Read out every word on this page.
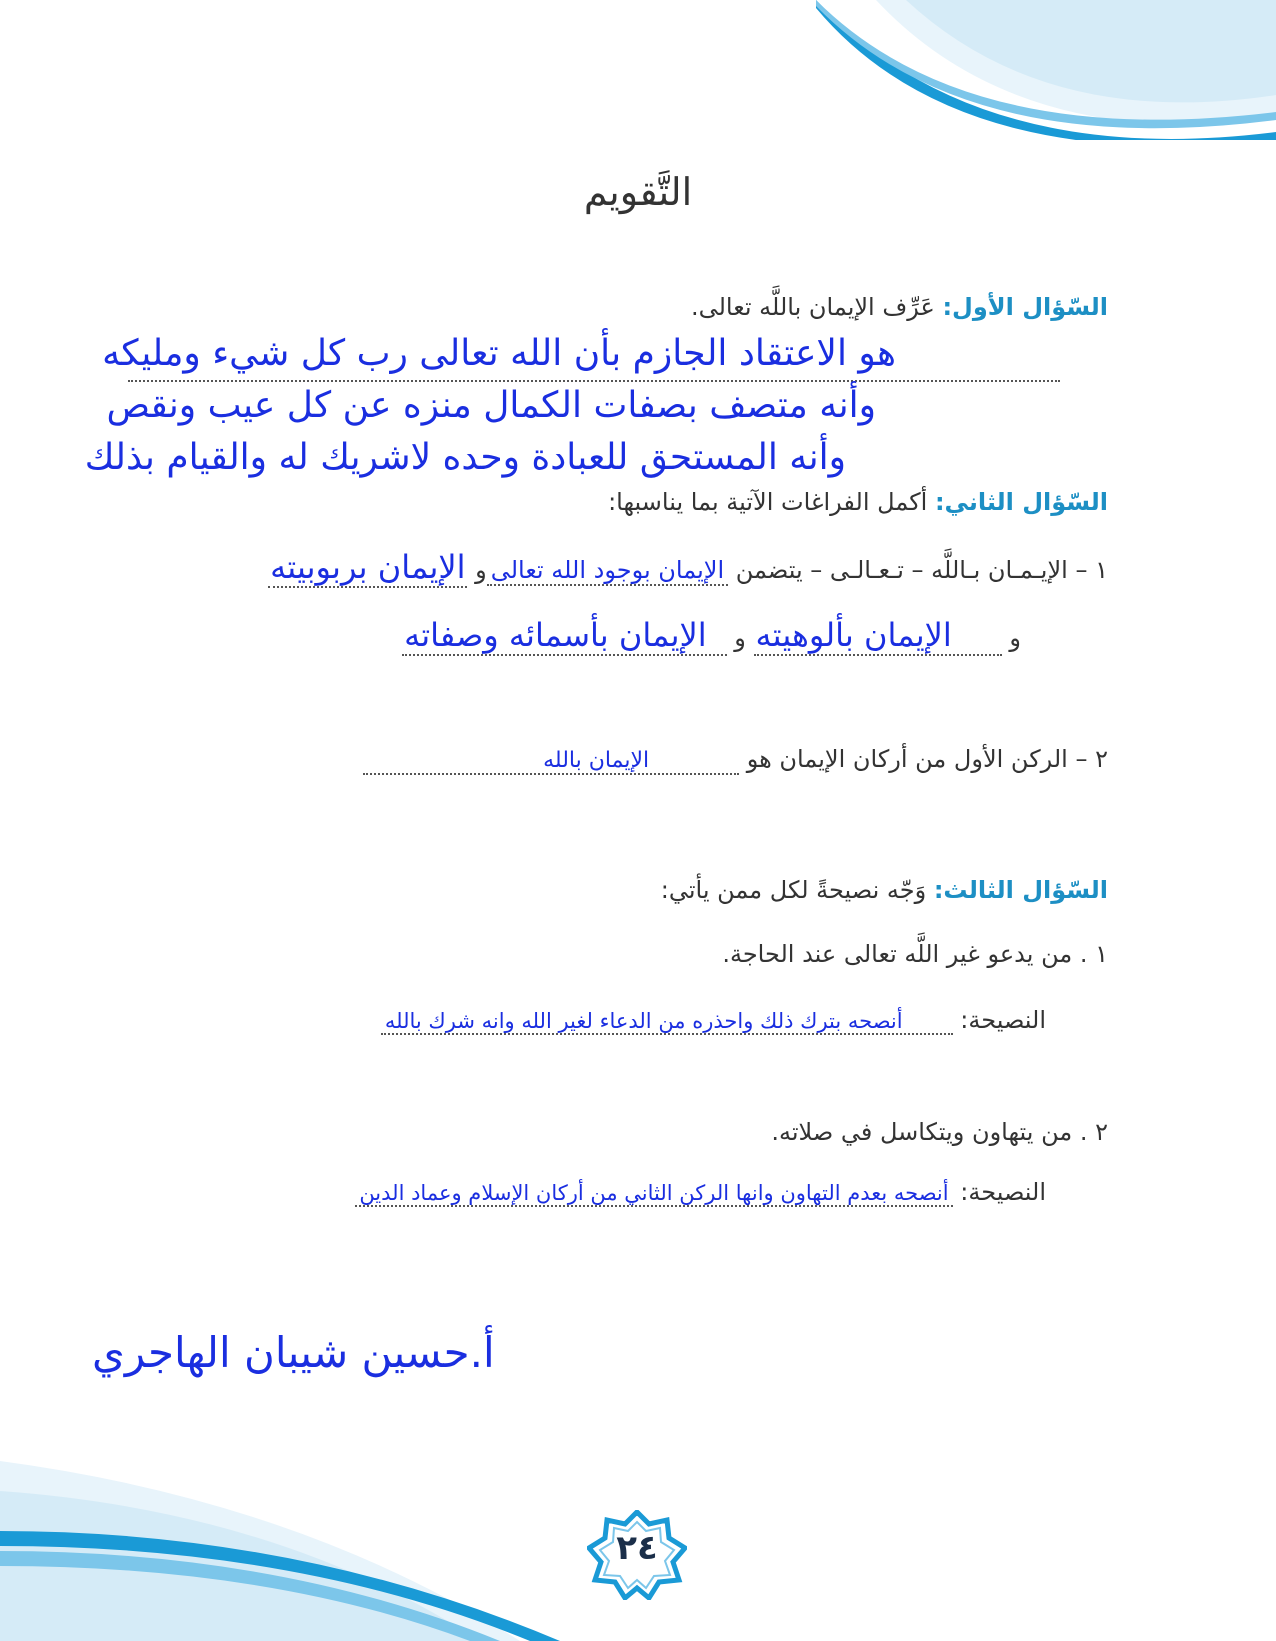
التَّقويم
السّؤال الأول: عَرِّف الإيمان باللَّه تعالى.
هو الاعتقاد الجازم بأن الله تعالى رب كل شيء ومليكه
وأنه متصف بصفات الكمال منزه عن كل عيب ونقص
وأنه المستحق للعبادة وحده لاشريك له والقيام بذلك
السّؤال الثاني: أكمل الفراغات الآتية بما يناسبها:
١ – الإيـمـان بـاللَّه – تـعـالـى – يتضمن الإيمان بوجود الله تعالىو الإيمان بربوبيته
و الإيمان بألوهيته و الإيمان بأسمائه وصفاته
٢ – الركن الأول من أركان الإيمان هو الإيمان بالله
السّؤال الثالث: وَجّه نصيحةً لكل ممن يأتي:
١ . من يدعو غير اللَّه تعالى عند الحاجة.
النصيحة: أنصحه بترك ذلك واحذره من الدعاء لغير الله وانه شرك بالله
٢ . من يتهاون ويتكاسل في صلاته.
النصيحة: أنصحه بعدم التهاون وانها الركن الثاني من أركان الإسلام وعماد الدين
أ.حسين شيبان الهاجري
٢٤
